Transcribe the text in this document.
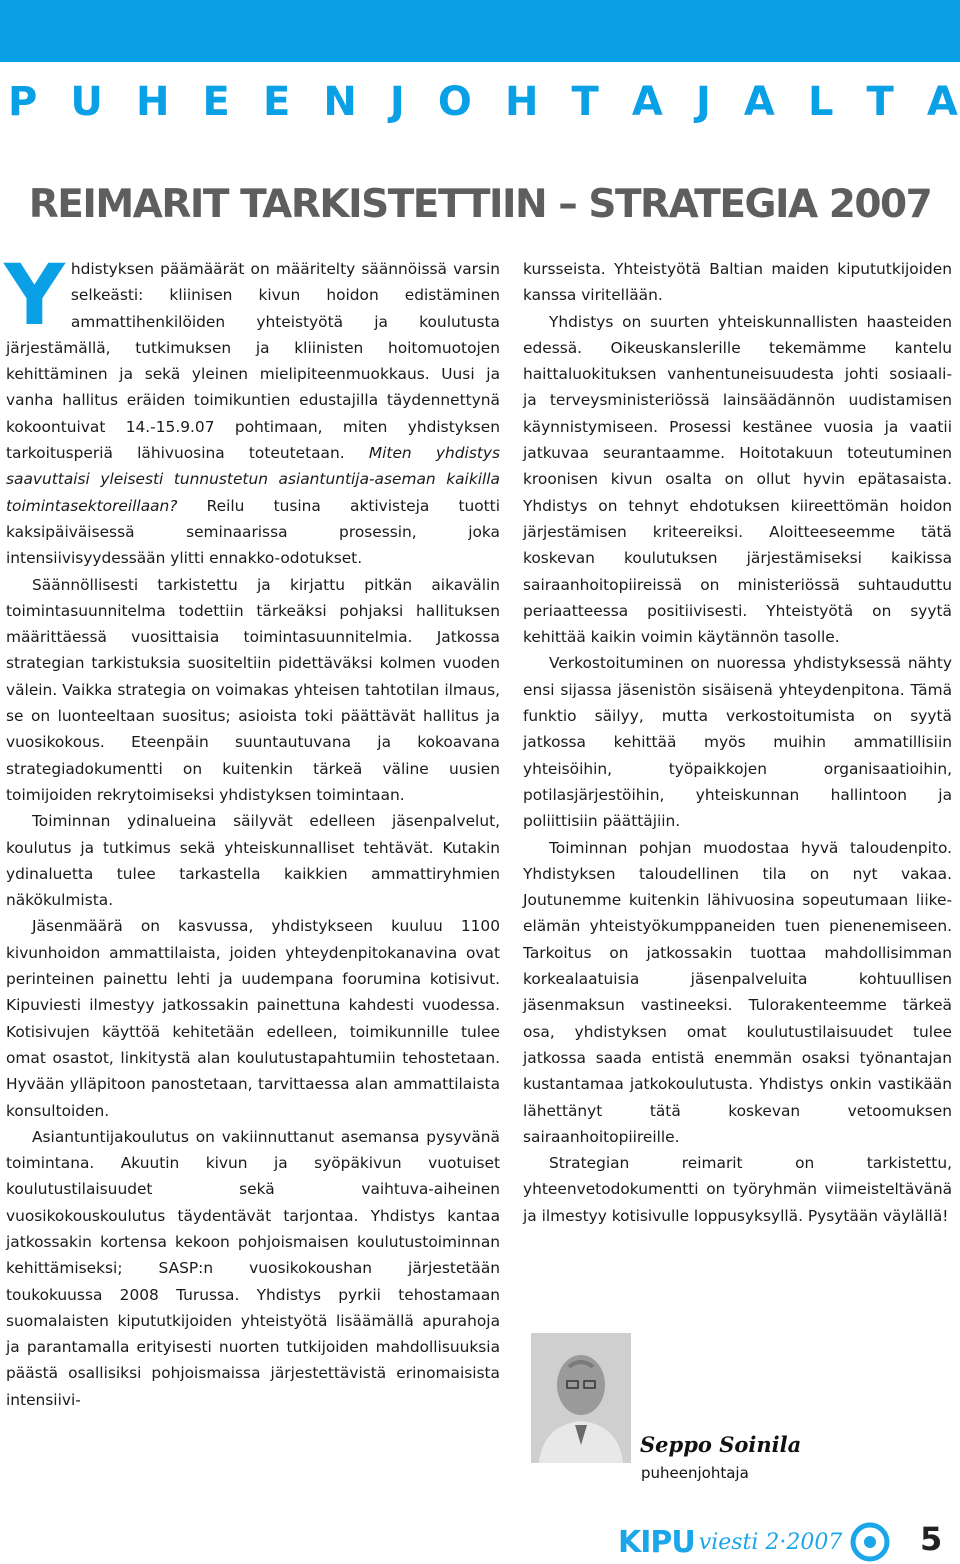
P U H E E N J O H T A J A L T A
REIMARIT TARKISTETTIIN – STRATEGIA 2007
Y hdistyksen päämäärät on määritelty säännöissä varsin selkeästi: kliinisen kivun hoidon edistäminen ammattihenkilöiden yhteistyötä ja koulutusta järjestämällä, tutkimuksen ja kliinisten hoitomuotojen kehittäminen ja sekä yleinen mielipiteenmuokkaus. Uusi ja vanha hallitus eräiden toimikuntien edustajilla täydennettynä kokoontuivat 14.-15.9.07 pohtimaan, miten yhdistyksen tarkoitusperiä lähivuosina toteutetaan. Miten yhdistys saavuttaisi yleisesti tunnustetun asiantuntija-aseman kaikilla toimintasektoreillaan? Reilu tusina aktivisteja tuotti kaksipäiväisessä seminaarissa prosessin, joka intensiivisyydessään ylitti ennakko-odotukset.

Säännöllisesti tarkistettu ja kirjattu pitkän aikavälin toimintasuunnitelma todettiin tärkeäksi pohjaksi hallituksen määrittäessä vuosittaisia toimintasuunnitelmia. Jatkossa strategian tarkistuksia suositeltiin pidettäväksi kolmen vuoden välein. Vaikka strategia on voimakas yhteisen tahtotilan ilmaus, se on luonteeltaan suositus; asioista toki päättävät hallitus ja vuosikokous. Eteenpäin suuntautuvana ja kokoavana strategiadokumentti on kuitenkin tärkeä väline uusien toimijoiden rekrytoimiseksi yhdistyksen toimintaan.

Toiminnan ydinalueina säilyvät edelleen jäsenpalvelut, koulutus ja tutkimus sekä yhteiskunnalliset tehtävät. Kutakin ydinaluetta tulee tarkastella kaikkien ammattiryhmien näkökulmista.

Jäsenmäärä on kasvussa, yhdistykseen kuuluu 1100 kivunhoidon ammattilaista, joiden yhteydenpitokanavina ovat perinteinen painettu lehti ja uudempana foorumina kotisivut. Kipuviesti ilmestyy jatkossakin painettuna kahdesti vuodessa. Kotisivujen käyttöä kehitetään edelleen, toimikunnille tulee omat osastot, linkitystä alan koulutustapahtumiin tehostetaan. Hyvään ylläpitoon panostetaan, tarvittaessa alan ammattilaista konsultoiden.

Asiantuntijakoulutus on vakiinnuttanut asemansa pysyvänä toimintana. Akuutin kivun ja syöpäkivun vuotuiset koulutustilaisuudet sekä vaihtuva-aiheinen vuosikokouskoulutus täydentävät tarjontaa. Yhdistys kantaa jatkossakin kortensa kekoon pohjoismaisen koulutustoiminnan kehittämiseksi; SASP:n vuosikokoushan järjestetään toukokuussa 2008 Turussa. Yhdistys pyrkii tehostamaan suomalaisten kipututkijoiden yhteistyötä lisäämällä apurahoja ja parantamalla erityisesti nuorten tutkijoiden mahdollisuuksia päästä osallisiksi pohjoismaissa järjestettävistä erinomaisista intensiivi-

kursseista. Yhteistyötä Baltian maiden kipututkijoiden kanssa viritellään.

Yhdistys on suurten yhteiskunnallisten haasteiden edessä. Oikeuskanslerille tekemämme kantelu haittaluokituksen vanhentuneisuudesta johti sosiaali- ja terveysministeriössä lainsäädännön uudistamisen käynnistymiseen. Prosessi kestänee vuosia ja vaatii jatkuvaa seurantaamme. Hoitotakuun toteutuminen kroonisen kivun osalta on ollut hyvin epätasaista. Yhdistys on tehnyt ehdotuksen kiireettömän hoidon järjestämisen kriteereiksi. Aloitteeseemme tätä koskevan koulutuksen järjestämiseksi kaikissa sairaanhoitopiireissä on ministeriössä suhtauduttu periaatteessa positiivisesti. Yhteistyötä on syytä kehittää kaikin voimin käytännön tasolle.

Verkostoituminen on nuoressa yhdistyksessä nähty ensi sijassa jäsenistön sisäisenä yhteydenpitona. Tämä funktio säilyy, mutta verkostoitumista on syytä jatkossa kehittää myös muihin ammatillisiin yhteisöihin, työpaikkojen organisaatioihin, potilasjärjestöihin, yhteiskunnan hallintoon ja poliittisiin päättäjiin.

Toiminnan pohjan muodostaa hyvä taloudenpito. Yhdistyksen taloudellinen tila on nyt vakaa. Joutunemme kuitenkin lähivuosina sopeutumaan liike-elämän yhteistyökumppaneiden tuen pienenemiseen. Tarkoitus on jatkossakin tuottaa mahdollisimman korkealaatuisia jäsenpalveluita kohtuullisen jäsenmaksun vastineeksi. Tulorakenteemme tärkeä osa, yhdistyksen omat koulutustilaisuudet tulee jatkossa saada entistä enemmän osaksi työnantajan kustantamaa jatkokoulutusta. Yhdistys onkin vastikään lähettänyt tätä koskevan vetoomuksen sairaanhoitopiireille.

Strategian reimarit on tarkistettu, yhteenvetodokumentti on työryhmän viimeisteltävänä ja ilmestyy kotisivulle loppusyksyllä. Pysytään väylällä!

Seppo Soinila
puheenjohtaja
KIPU viesti 2·2007 5
